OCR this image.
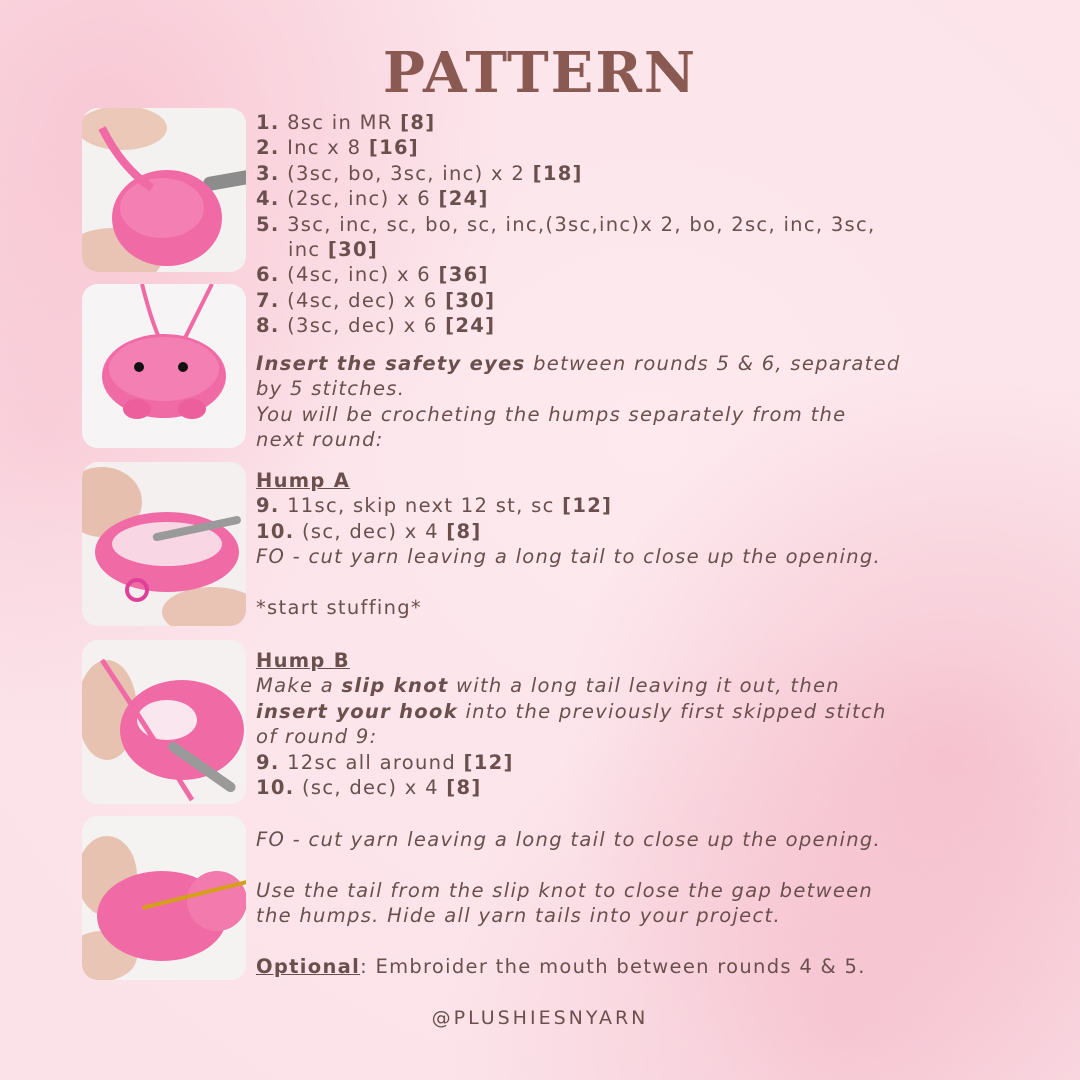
PATTERN
1. 8sc in MR [8]
2. Inc x 8 [16]
3. (3sc, bo, 3sc, inc) x 2 [18]
4. (2sc, inc) x 6 [24]
5. 3sc, inc, sc, bo, sc, inc,(3sc,inc)x 2, bo, 2sc, inc, 3sc,
inc [30]
6. (4sc, inc) x 6 [36]
7. (4sc, dec) x 6 [30]
8. (3sc, dec) x 6 [24]
Insert the safety eyes between rounds 5 & 6, separated
by 5 stitches.
You will be crocheting the humps separately from the
next round:
Hump A
9. 11sc, skip next 12 st, sc [12]
10. (sc, dec) x 4 [8]
FO - cut yarn leaving a long tail to close up the opening.
*start stuffing*
Hump B
Make a slip knot with a long tail leaving it out, then
insert your hook into the previously first skipped stitch
of round 9:
9. 12sc all around [12]
10. (sc, dec) x 4 [8]
FO - cut yarn leaving a long tail to close up the opening.
Use the tail from the slip knot to close the gap between
the humps. Hide all yarn tails into your project.
Optional: Embroider the mouth between rounds 4 & 5.
@PLUSHIESNYARN
